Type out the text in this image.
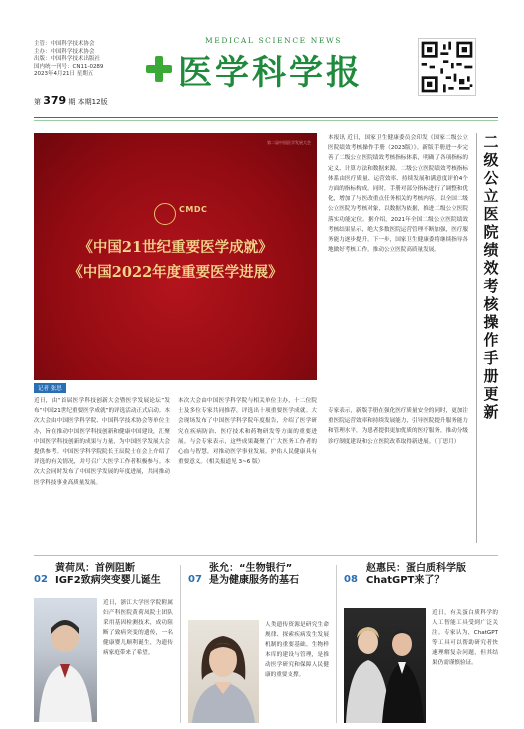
主管：中国科学技术协会
主办：中国科学技术协会
出版：中国科学技术出版社
国内统一刊号：CN11-0289
2023年4月21日 星期五
第 379 期 本期12版
MEDICAL SCIENCE NEWS
医学科学报
第二届中国医学发展大会
CMDC
《中国21世纪重要医学成就》
《中国2022年度重要医学进展》
记者 张思
近日，由“首届医学科技创新大会暨医学发展论坛”发布“中国21世纪重要医学成就”的评选活动正式启动。本次大会由中国医学科学院、中国科学技术协会等单位主办，旨在推动中国医学科技创新和健康中国建设，汇聚中国医学科技创新的成果与力量，为中国医学发展大会提供参考。中国医学科学院院长王辰院士在会上介绍了评选的有关情况，并号召广大医学工作者积极参与。本次大会同时发布了中国医学发展的年度进展，共同推动医学科技事业高质量发展。
本次大会由中国医学科学院与相关单位主办，十二位院士及多位专家共同推荐，评选出十项重要医学成就。大会现场发布了中国医学科学院年度报告，介绍了医学研究在疾病防治、医疗技术和药物研发等方面的重要进展。与会专家表示，这些成果凝聚了广大医务工作者的心血与智慧，对推动医学事业发展、护佑人民健康具有重要意义。（相关报道见 3~6 版）
本报讯 近日，国家卫生健康委员会印发《国家二级公立医院绩效考核操作手册（2023版）》。新版手册进一步完善了二级公立医院绩效考核指标体系，明确了各项指标的定义、计算方法和数据来源。二级公立医院绩效考核指标体系由医疗质量、运营效率、持续发展和满意度评价4个方面的指标构成。同时，手册对部分指标进行了调整和优化，增加了与医改重点任务相关的考核内容。以全国二级公立医院为考核对象，以数据为依据，推进二级公立医院落实功能定位。据介绍，2021年全国二级公立医院绩效考核结果显示，绝大多数医院运营管理不断加强，医疗服务能力逐步提升。下一步，国家卫生健康委将继续指导各地做好考核工作，推动公立医院高质量发展。
专家表示，新版手册在强化医疗质量安全的同时，更加注重医院运营效率和持续发展能力，引导医院提升服务能力和管理水平，为患者提供更加优质的医疗服务，推动分级诊疗制度建设和公立医院改革取得新进展。（丁思月）
二级公立医院绩效考核操作手册更新
02
黄荷凤：首例阻断
IGF2致病突变婴儿诞生
近日，浙江大学医学院附属妇产科医院黄荷凤院士团队采用基因检测技术，成功阻断了致病突变的遗传，一名健康婴儿顺利诞生，为遗传病家庭带来了希望。
07
张允：“生物银行”
是为健康服务的基石
人类遗传资源是研究生命规律、探索疾病发生发展机制的重要基础。生物样本库的建设与管理，是推动医学研究和保障人民健康的重要支撑。
08
赵惠民：蛋白质科学版
ChatGPT来了？
近日，有关蛋白质科学的人工智能工具受到广泛关注。专家认为，ChatGPT等工具可以帮助研究者快速理解复杂问题，但其结果仍需谨慎验证。
